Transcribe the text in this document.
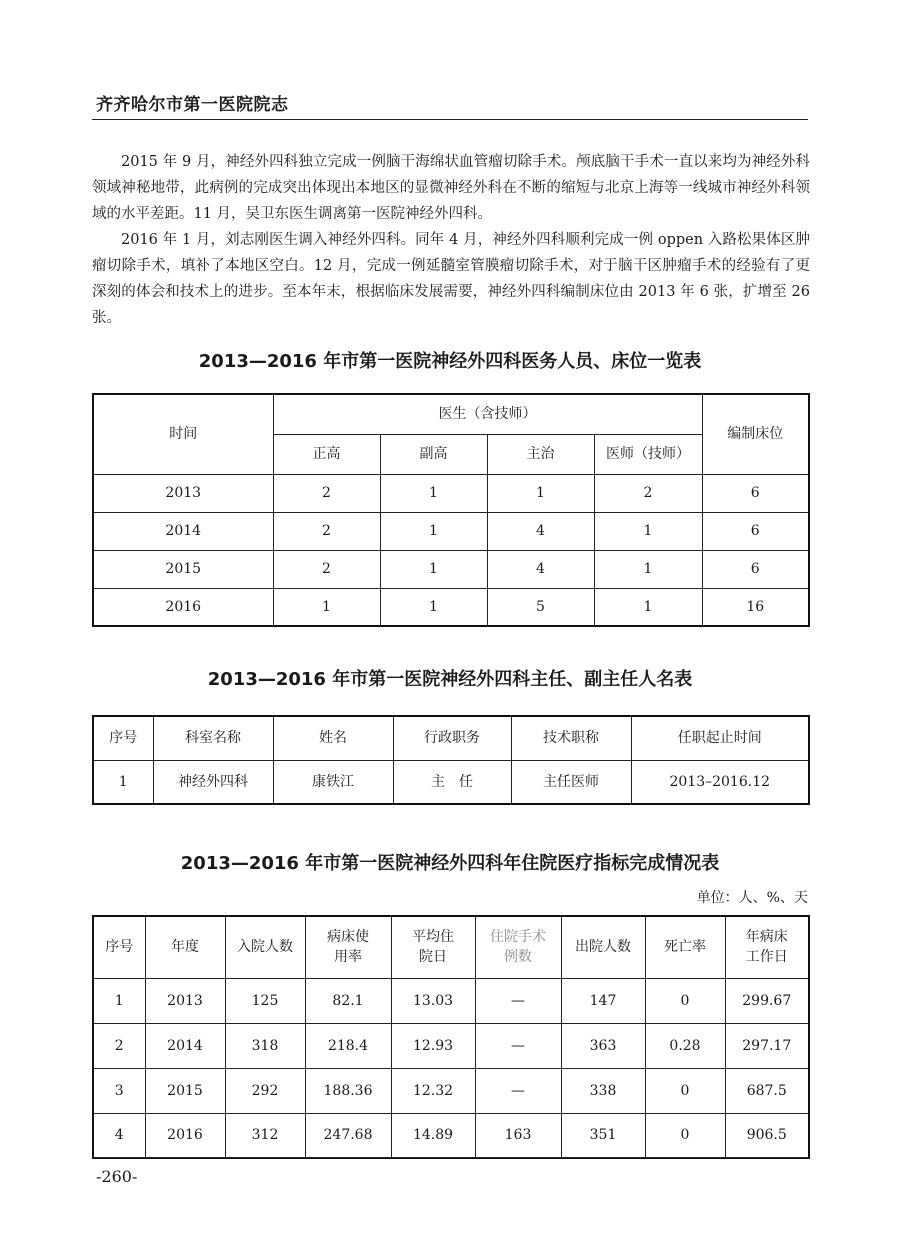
齐齐哈尔市第一医院院志

2015 年 9 月，神经外四科独立完成一例脑干海绵状血管瘤切除手术。颅底脑干手术一直以来均为神经外科领域神秘地带，此病例的完成突出体现出本地区的显微神经外科在不断的缩短与北京上海等一线城市神经外科领域的水平差距。11 月，吴卫东医生调离第一医院神经外四科。

2016 年 1 月，刘志刚医生调入神经外四科。同年 4 月，神经外四科顺利完成一例 oppen 入路松果体区肿瘤切除手术，填补了本地区空白。12 月，完成一例延髓室管膜瘤切除手术，对于脑干区肿瘤手术的经验有了更深刻的体会和技术上的进步。至本年末，根据临床发展需要，神经外四科编制床位由 2013 年 6 张，扩增至 26 张。

2013—2016 年市第一医院神经外四科医务人员、床位一览表
时间	医生（含技师）				编制床位
	正高	副高	主治	医师（技师）	
2013	2	1	1	2	6
2014	2	1	4	1	6
2015	2	1	4	1	6
2016	1	1	5	1	16
2013—2016 年市第一医院神经外四科主任、副主任人名表
序号	科室名称	姓名	行政职务	技术职称	任职起止时间
1	神经外四科	康铁江	主　任	主任医师	2013–2016.12
2013—2016 年市第一医院神经外四科年住院医疗指标完成情况表
单位：人、%、天
序号	年度	入院人数	病床使用率	平均住院日	住院手术例数	出院人数	死亡率	年病床工作日
1	2013	125	82.1	13.03	—	147	0	299.67
2	2014	318	218.4	12.93	—	363	0.28	297.17
3	2015	292	188.36	12.32	—	338	0	687.5
4	2016	312	247.68	14.89	163	351	0	906.5
-260-
